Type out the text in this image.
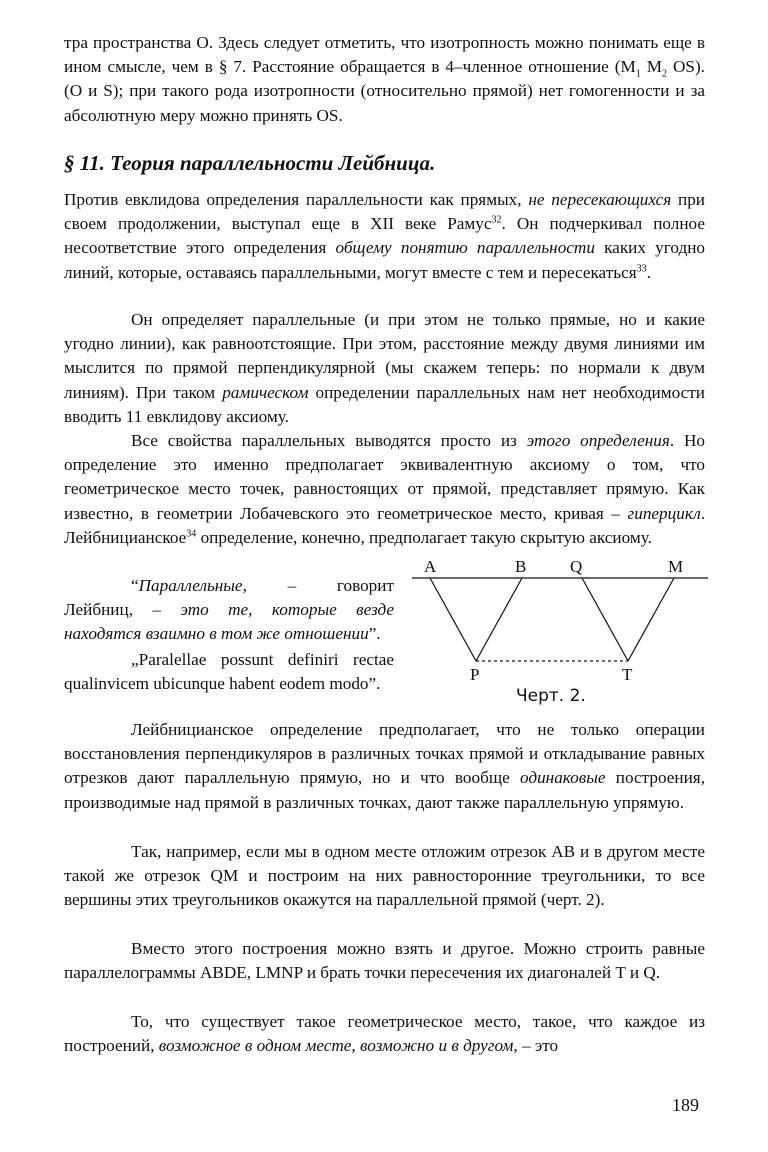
тра пространства О. Здесь следует отметить, что изотропность можно понимать еще в ином смысле, чем в § 7. Расстояние обращается в 4–членное отношение ($M_1$ $M_2$ OS). (O и S); при такого рода изотропности (относительно прямой) нет гомогенности и за абсолютную меру можно принять OS.

§ 11. Теория параллельности Лейбница.

Против евклидова определения параллельности как прямых, не пересекающихся при своем продолжении, выступал еще в XII веке Рамус$^{32}$. Он подчеркивал полное несоответствие этого определения общему понятию параллельности каких угодно линий, которые, оставаясь параллельными, могут вместе с тем и пересекаться$^{33}$.

Он определяет параллельные (и при этом не только прямые, но и какие угодно линии), как равноотстоящие. При этом, расстояние между двумя линиями им мыслится по прямой перпендикулярной (мы скажем теперь: по нормали к двум линиям). При таком рамическом определении параллельных нам нет необходимости вводить 11 евклидову аксиому.

Все свойства параллельных выводятся просто из этого определения. Но определение это именно предполагает эквивалентную аксиому о том, что геометрическое место точек, равностоящих от прямой, представляет прямую. Как известно, в геометрии Лобачевского это геометрическое место, кривая – гиперцикл. Лейбницианское$^{34}$ определение, конечно, предполагает такую скрытую аксиому.

“Параллельные, – говорит Лейбниц, – это те, которые везде находятся взаимно в том же отношении”.

„Paralellae possunt definiri rectae qualinvicem ubicunque habent eodem modo”.

A	B	Q	M
P	T
Черт. 2.

Лейбницианское определение предполагает, что не только операции восстановления перпендикуляров в различных точках прямой и откладывание равных отрезков дают параллельную прямую, но и что вообще одинаковые построения, производимые над прямой в различных точках, дают также параллельную упрямую.

Так, например, если мы в одном месте отложим отрезок AB и в другом месте такой же отрезок QM и построим на них равносторонние треугольники, то все вершины этих треугольников окажутся на параллельной прямой (черт. 2).

Вместо этого построения можно взять и другое. Можно строить равные параллелограммы ABDE, LMNP и брать точки пересечения их диагоналей T и Q.

То, что существует такое геометрическое место, такое, что каждое из построений, возможное в одном месте, возможно и в другом, – это

189
